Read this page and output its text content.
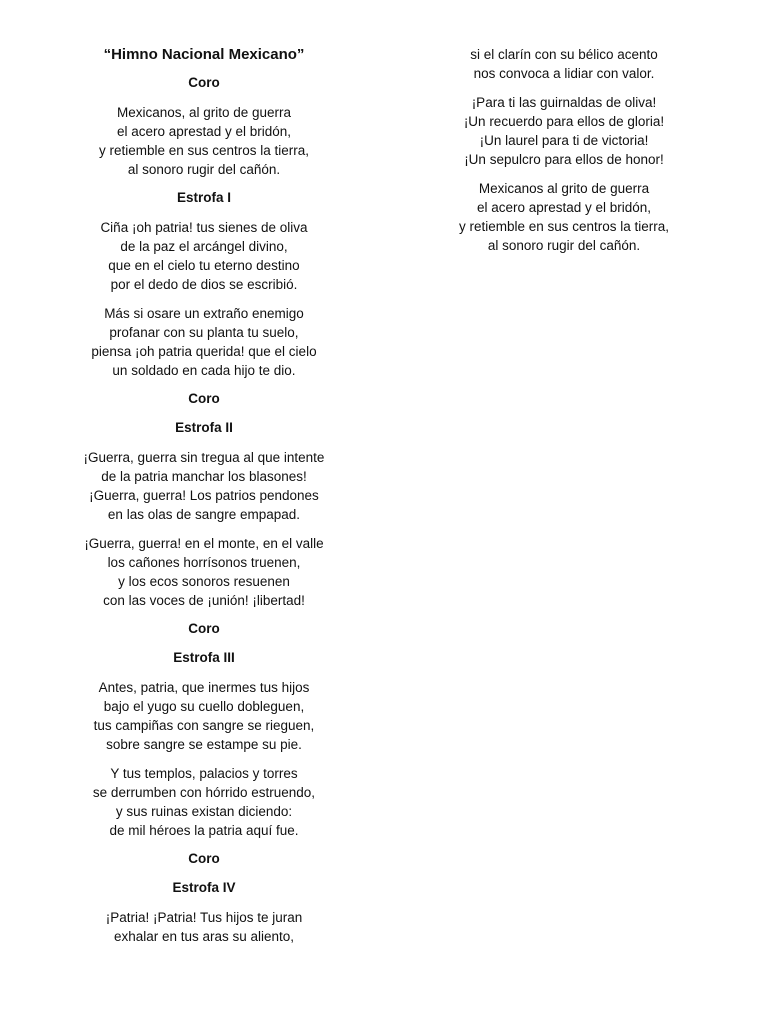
“Himno Nacional Mexicano”
Coro
Mexicanos, al grito de guerra
el acero aprestad y el bridón,
y retiemble en sus centros la tierra,
al sonoro rugir del cañón.
Estrofa I
Ciña ¡oh patria! tus sienes de oliva
de la paz el arcángel divino,
que en el cielo tu eterno destino
por el dedo de dios se escribió.
Más si osare un extraño enemigo
profanar con su planta tu suelo,
piensa ¡oh patria querida! que el cielo
un soldado en cada hijo te dio.
Coro
Estrofa II
¡Guerra, guerra sin tregua al que intente
de la patria manchar los blasones!
¡Guerra, guerra! Los patrios pendones
en las olas de sangre empapad.
¡Guerra, guerra! en el monte, en el valle
los cañones horrísonos truenen,
y los ecos sonoros resuenen
con las voces de ¡unión! ¡libertad!
Coro
Estrofa III
Antes, patria, que inermes tus hijos
bajo el yugo su cuello dobleguen,
tus campiñas con sangre se rieguen,
sobre sangre se estampe su pie.
Y tus templos, palacios y torres
se derrumben con hórrido estruendo,
y sus ruinas existan diciendo:
de mil héroes la patria aquí fue.
Coro
Estrofa IV
¡Patria! ¡Patria! Tus hijos te juran
exhalar en tus aras su aliento,
si el clarín con su bélico acento
nos convoca a lidiar con valor.
¡Para ti las guirnaldas de oliva!
¡Un recuerdo para ellos de gloria!
¡Un laurel para ti de victoria!
¡Un sepulcro para ellos de honor!
Mexicanos al grito de guerra
el acero aprestad y el bridón,
y retiemble en sus centros la tierra,
al sonoro rugir del cañón.
